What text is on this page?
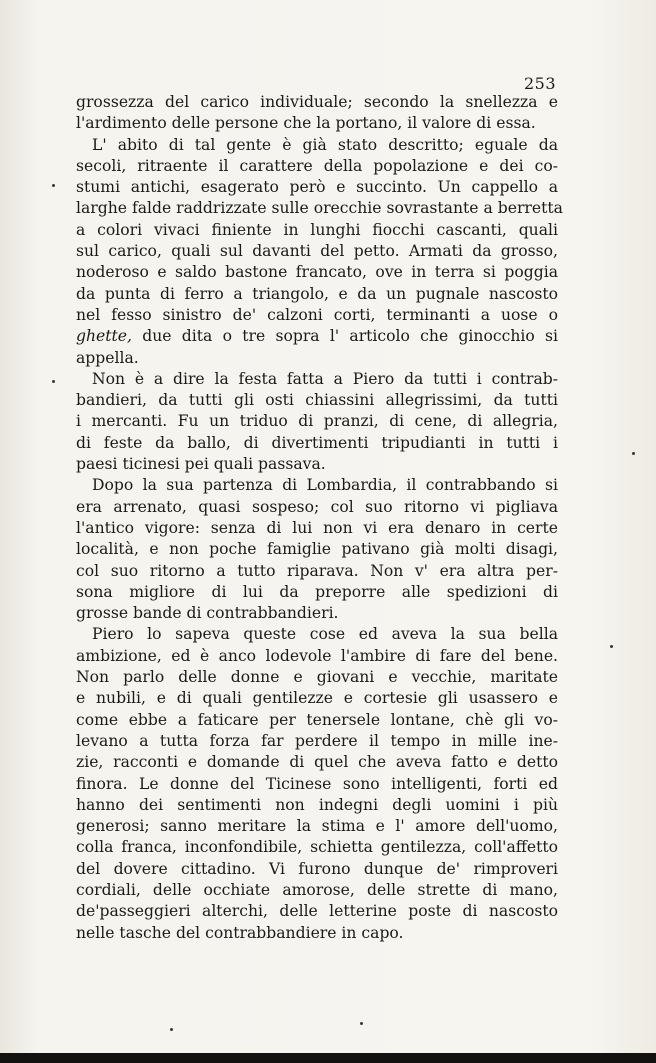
253
grossezza del carico individuale; secondo la snellezza e
l'ardimento delle persone che la portano, il valore di essa.
L' abito di tal gente è già stato descritto; eguale da
secoli, ritraente il carattere della popolazione e dei co-
stumi antichi, esagerato però e succinto. Un cappello a
larghe falde raddrizzate sulle orecchie sovrastante a berretta
a colori vivaci finiente in lunghi fiocchi cascanti, quali
sul carico, quali sul davanti del petto. Armati da grosso,
noderoso e saldo bastone francato, ove in terra si poggia
da punta di ferro a triangolo, e da un pugnale nascosto
nel fesso sinistro de' calzoni corti, terminanti a uose o
ghette, due dita o tre sopra l' articolo che ginocchio si
appella.
Non è a dire la festa fatta a Piero da tutti i contrab-
bandieri, da tutti gli osti chiassini allegrissimi, da tutti
i mercanti. Fu un triduo di pranzi, di cene, di allegria,
di feste da ballo, di divertimenti tripudianti in tutti i
paesi ticinesi pei quali passava.
Dopo la sua partenza di Lombardia, il contrabbando si
era arrenato, quasi sospeso; col suo ritorno vi pigliava
l'antico vigore: senza di lui non vi era denaro in certe
località, e non poche famiglie pativano già molti disagi,
col suo ritorno a tutto riparava. Non v' era altra per-
sona migliore di lui da preporre alle spedizioni di
grosse bande di contrabbandieri.
Piero lo sapeva queste cose ed aveva la sua bella
ambizione, ed è anco lodevole l'ambire di fare del bene.
Non parlo delle donne e giovani e vecchie, maritate
e nubili, e di quali gentilezze e cortesie gli usassero e
come ebbe a faticare per tenersele lontane, chè gli vo-
levano a tutta forza far perdere il tempo in mille ine-
zie, racconti e domande di quel che aveva fatto e detto
finora. Le donne del Ticinese sono intelligenti, forti ed
hanno dei sentimenti non indegni degli uomini i più
generosi; sanno meritare la stima e l' amore dell'uomo,
colla franca, inconfondibile, schietta gentilezza, coll'affetto
del dovere cittadino. Vi furono dunque de' rimproveri
cordiali, delle occhiate amorose, delle strette di mano,
de'passeggieri alterchi, delle letterine poste di nascosto
nelle tasche del contrabbandiere in capo.
